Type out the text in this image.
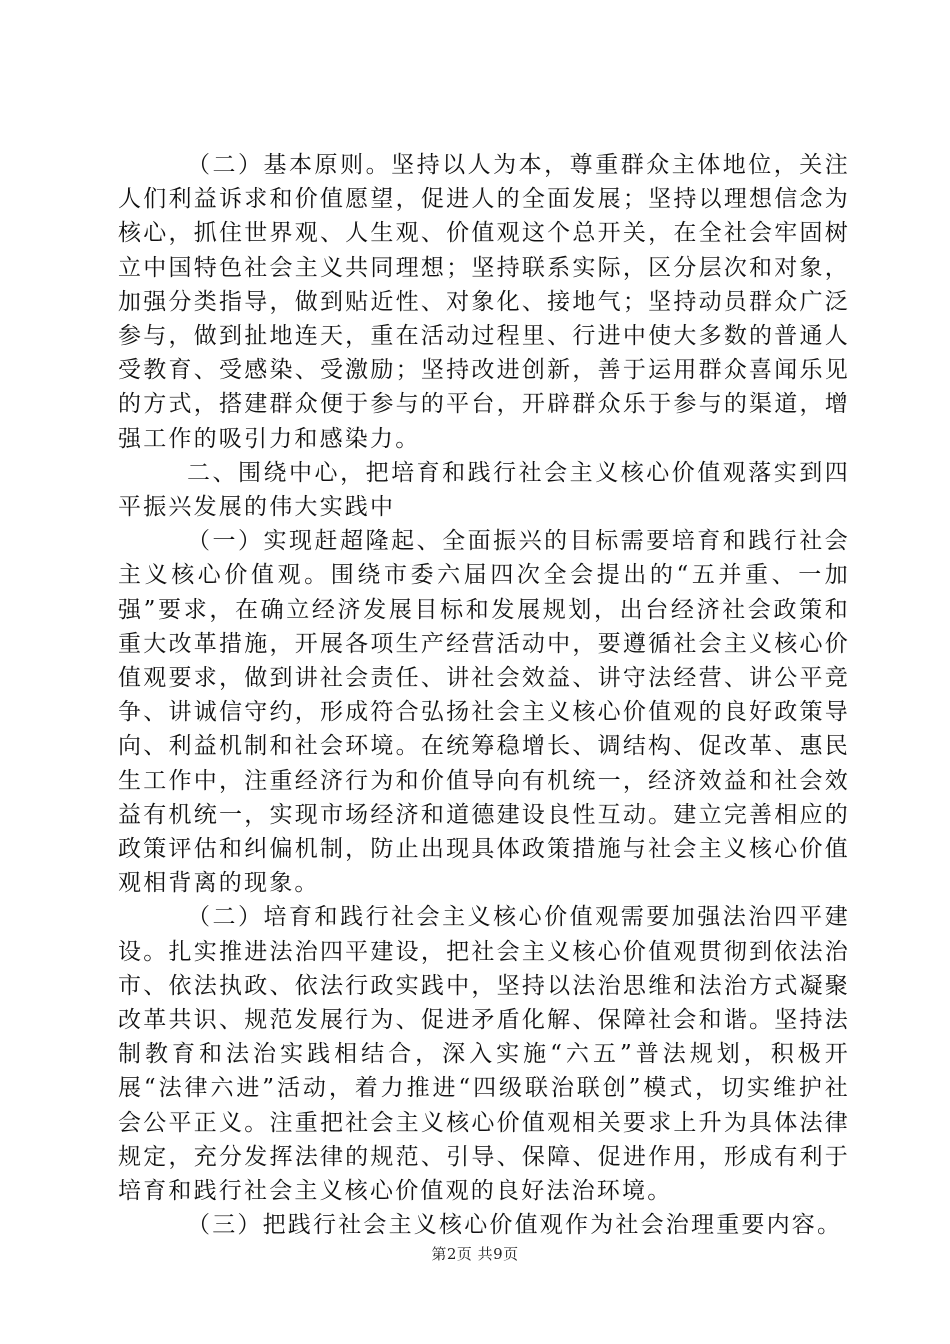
（二）基本原则。坚持以人为本，尊重群众主体地位，关注人们利益诉求和价值愿望，促进人的全面发展；坚持以理想信念为核心，抓住世界观、人生观、价值观这个总开关，在全社会牢固树立中国特色社会主义共同理想；坚持联系实际，区分层次和对象，加强分类指导，做到贴近性、对象化、接地气；坚持动员群众广泛参与，做到扯地连天，重在活动过程里、行进中使大多数的普通人受教育、受感染、受激励；坚持改进创新，善于运用群众喜闻乐见的方式，搭建群众便于参与的平台，开辟群众乐于参与的渠道，增强工作的吸引力和感染力。

二、围绕中心，把培育和践行社会主义核心价值观落实到四平振兴发展的伟大实践中

（一）实现赶超隆起、全面振兴的目标需要培育和践行社会主义核心价值观。围绕市委六届四次全会提出的“五并重、一加强”要求，在确立经济发展目标和发展规划，出台经济社会政策和重大改革措施，开展各项生产经营活动中，要遵循社会主义核心价值观要求，做到讲社会责任、讲社会效益、讲守法经营、讲公平竞争、讲诚信守约，形成符合弘扬社会主义核心价值观的良好政策导向、利益机制和社会环境。在统筹稳增长、调结构、促改革、惠民生工作中，注重经济行为和价值导向有机统一，经济效益和社会效益有机统一，实现市场经济和道德建设良性互动。建立完善相应的政策评估和纠偏机制，防止出现具体政策措施与社会主义核心价值观相背离的现象。

（二）培育和践行社会主义核心价值观需要加强法治四平建设。扎实推进法治四平建设，把社会主义核心价值观贯彻到依法治市、依法执政、依法行政实践中，坚持以法治思维和法治方式凝聚改革共识、规范发展行为、促进矛盾化解、保障社会和谐。坚持法制教育和法治实践相结合，深入实施“六五”普法规划，积极开展“法律六进”活动，着力推进“四级联治联创”模式，切实维护社会公平正义。注重把社会主义核心价值观相关要求上升为具体法律规定，充分发挥法律的规范、引导、保障、促进作用，形成有利于培育和践行社会主义核心价值观的良好法治环境。

（三）把践行社会主义核心价值观作为社会治理重要内容。

第2页 共9页
